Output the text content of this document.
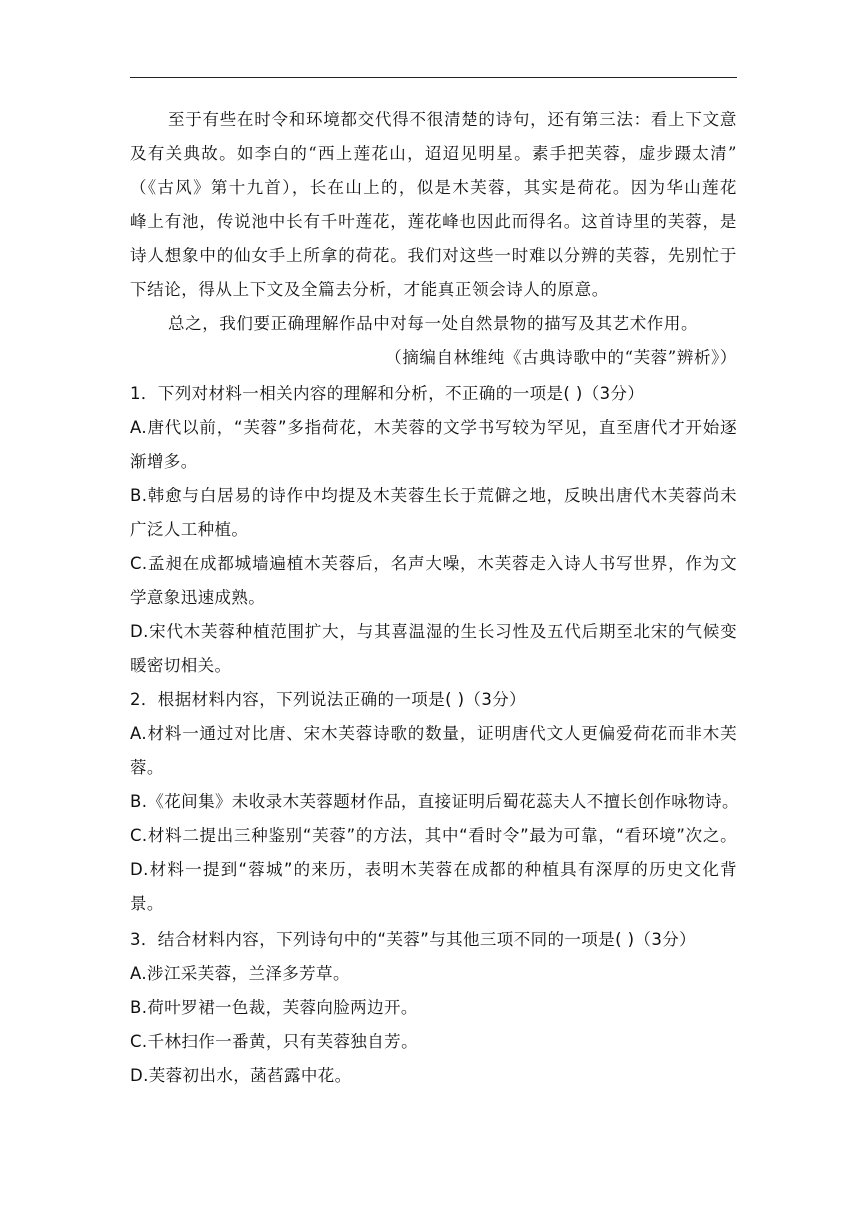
至于有些在时令和环境都交代得不很清楚的诗句，还有第三法：看上下文意
及有关典故。如李白的“西上莲花山，迢迢见明星。素手把芙蓉，虚步蹑太清”
（《古风》第十九首），长在山上的，似是木芙蓉，其实是荷花。因为华山莲花
峰上有池，传说池中长有千叶莲花，莲花峰也因此而得名。这首诗里的芙蓉，是
诗人想象中的仙女手上所拿的荷花。我们对这些一时难以分辨的芙蓉，先别忙于
下结论，得从上下文及全篇去分析，才能真正领会诗人的原意。
总之，我们要正确理解作品中对每一处自然景物的描写及其艺术作用。
（摘编自林维纯《古典诗歌中的“芙蓉”辨析》）
1．下列对材料一相关内容的理解和分析，不正确的一项是( )（3分）
A.唐代以前，“芙蓉”多指荷花，木芙蓉的文学书写较为罕见，直至唐代才开始逐
渐增多。
B.韩愈与白居易的诗作中均提及木芙蓉生长于荒僻之地，反映出唐代木芙蓉尚未
广泛人工种植。
C.孟昶在成都城墙遍植木芙蓉后，名声大噪，木芙蓉走入诗人书写世界，作为文
学意象迅速成熟。
D.宋代木芙蓉种植范围扩大，与其喜温湿的生长习性及五代后期至北宋的气候变
暖密切相关。
2．根据材料内容，下列说法正确的一项是( )（3分）
A.材料一通过对比唐、宋木芙蓉诗歌的数量，证明唐代文人更偏爱荷花而非木芙
蓉。
B.《花间集》未收录木芙蓉题材作品，直接证明后蜀花蕊夫人不擅长创作咏物诗。
C.材料二提出三种鉴别“芙蓉”的方法，其中“看时令”最为可靠，“看环境”次之。
D.材料一提到“蓉城”的来历，表明木芙蓉在成都的种植具有深厚的历史文化背
景。
3．结合材料内容，下列诗句中的“芙蓉”与其他三项不同的一项是( )（3分）
A.涉江采芙蓉，兰泽多芳草。
B.荷叶罗裙一色裁，芙蓉向脸两边开。
C.千林扫作一番黄，只有芙蓉独自芳。
D.芙蓉初出水，菡萏露中花。
